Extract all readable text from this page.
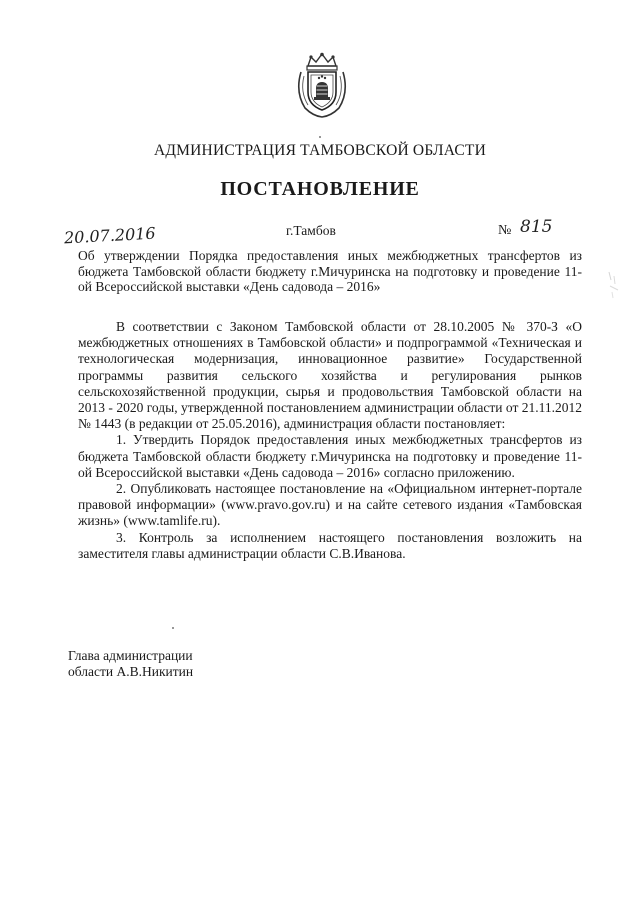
АДМИНИСТРАЦИЯ ТАМБОВСКОЙ ОБЛАСТИ
ПОСТАНОВЛЕНИЕ
20.07.2016	г.Тамбов	№ 815
Об утверждении Порядка предоставления иных межбюджетных трансфертов из бюджета Тамбовской области бюджету г.Мичуринска на подготовку и проведение 11-ой Всероссийской выставки «День садовода – 2016»

В соответствии с Законом Тамбовской области от 28.10.2005 № 370-З «О межбюджетных отношениях в Тамбовской области» и подпрограммой «Техническая и технологическая модернизация, инновационное развитие» Государственной программы развития сельского хозяйства и регулирования рынков сельскохозяйственной продукции, сырья и продовольствия Тамбовской области на 2013 - 2020 годы, утвержденной постановлением администрации области от 21.11.2012 № 1443 (в редакции от 25.05.2016), администрация области постановляет:

1. Утвердить Порядок предоставления иных межбюджетных трансфертов из бюджета Тамбовской области бюджету г.Мичуринска на подготовку и проведение 11-ой Всероссийской выставки «День садовода – 2016» согласно приложению.

2. Опубликовать настоящее постановление на «Официальном интернет-портале правовой информации» (www.pravo.gov.ru) и на сайте сетевого издания «Тамбовская жизнь» (www.tamlife.ru).

3. Контроль за исполнением настоящего постановления возложить на заместителя главы администрации области С.В.Иванова.

Глава администрации
области А.В.Никитин
